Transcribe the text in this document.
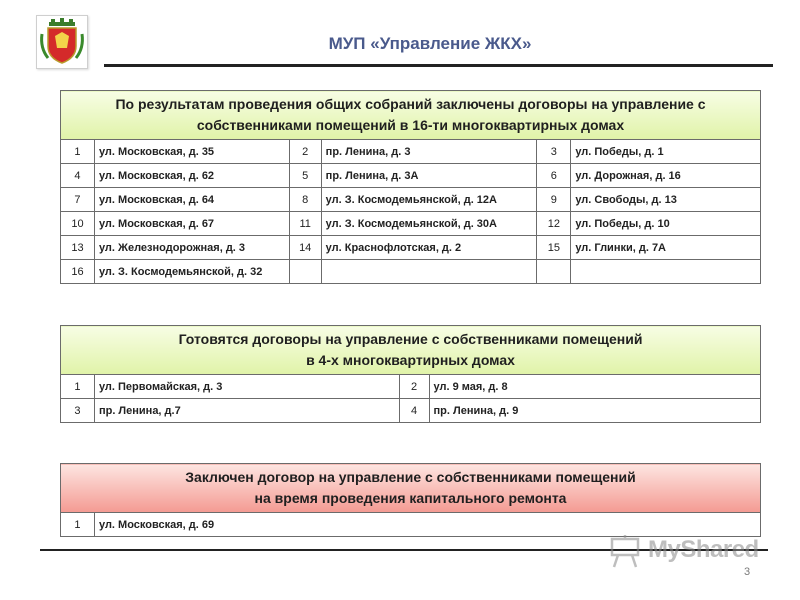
МУП «Управление ЖКХ»
По результатам проведения общих собраний заключены договоры на управление с
собственниками помещений в 16-ти многоквартирных домах					

1	ул. Московская, д. 35	2	пр. Ленина, д. 3	3	ул. Победы, д. 1
4	ул. Московская, д. 62	5	пр. Ленина, д. 3А	6	ул. Дорожная, д. 16
7	ул. Московская, д. 64	8	ул. З. Космодемьянской, д. 12А	9	ул. Свободы, д. 13
10	ул. Московская, д. 67	11	ул. З. Космодемьянской, д. 30А	12	ул. Победы, д. 10
13	ул. Железнодорожная, д. 3	14	ул. Краснофлотская, д. 2	15	ул. Глинки, д. 7А
16	ул. З. Космодемьянской, д. 32				
Готовятся договоры на управление с собственниками помещений
в 4-х многоквартирных домах			

1	ул. Первомайская, д. 3	2	ул. 9 мая, д. 8
3	пр. Ленина, д.7	4	пр. Ленина, д. 9
Заключен договор на управление с собственниками помещений
на время проведения капитального ремонта

1	ул. Московская, д. 69
MyShared
3
